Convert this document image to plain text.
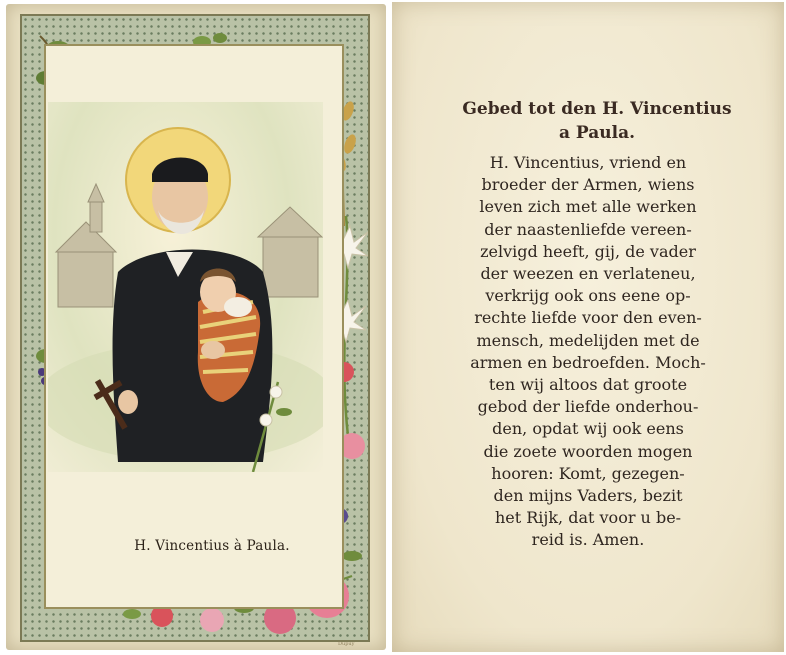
H. Vincentius à Paula.
Dupuy
Gebed tot den H. Vincentius
a Paula.
H. Vincentius, vriend en
broeder der Armen, wiens
leven zich met alle werken
der naastenliefde vereen-
zelvigd heeft, gij, de vader
der weezen en verlateneu,
verkrijg ook ons eene op-
rechte liefde voor den even-
mensch, medelijden met de
armen en bedroefden. Moch-
ten wij altoos dat groote
gebod der liefde onderhou-
den, opdat wij ook eens
die zoete woorden mogen
hooren: Komt, gezegen-
den mijns Vaders, bezit
het Rijk, dat voor u be-
reid is. Amen.
